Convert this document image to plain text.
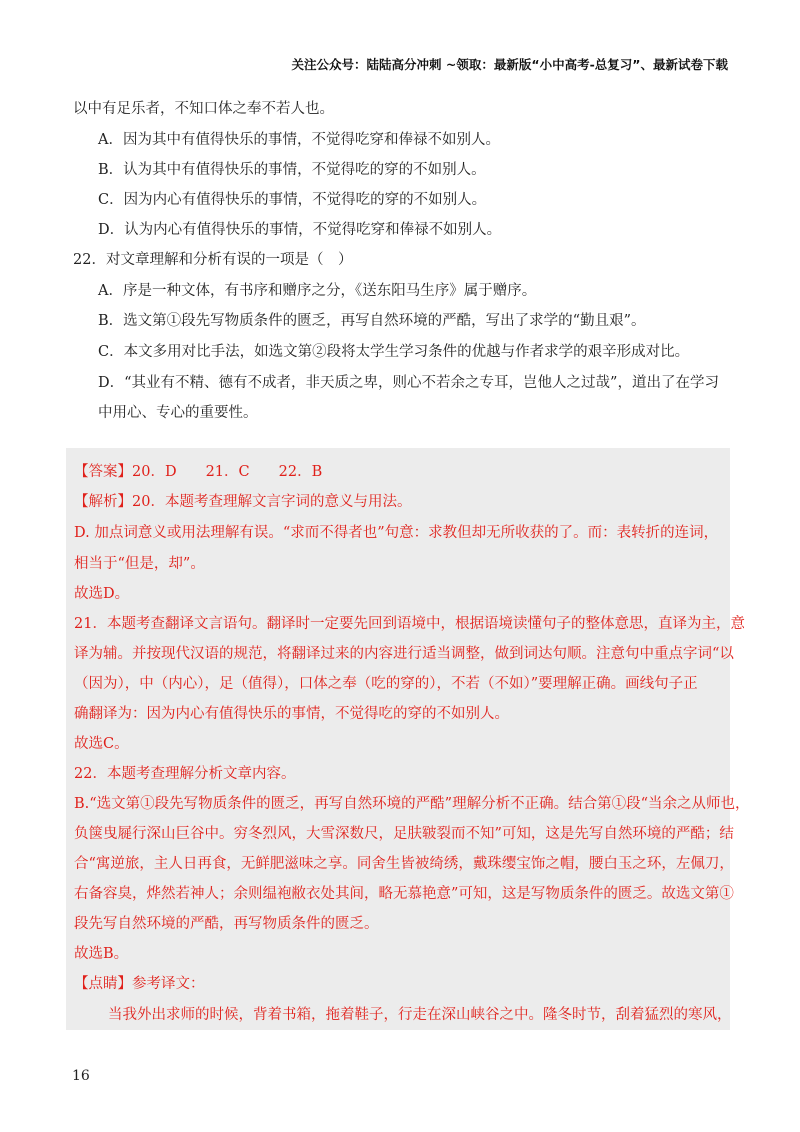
关注公众号：陆陆高分冲刺 ~领取：最新版“小中高考-总复习”、最新试卷下载
以中有足乐者，不知口体之奉不若人也。
A．因为其中有值得快乐的事情，不觉得吃穿和俸禄不如别人。
B．认为其中有值得快乐的事情，不觉得吃的穿的不如别人。
C．因为内心有值得快乐的事情，不觉得吃的穿的不如别人。
D．认为内心有值得快乐的事情，不觉得吃穿和俸禄不如别人。
22．对文章理解和分析有误的一项是（　）
A．序是一种文体，有书序和赠序之分，《送东阳马生序》属于赠序。
B．选文第①段先写物质条件的匮乏，再写自然环境的严酷，写出了求学的“勤且艰”。
C．本文多用对比手法，如选文第②段将太学生学习条件的优越与作者求学的艰辛形成对比。
D．“其业有不精、德有不成者，非天质之卑，则心不若余之专耳，岂他人之过哉”，道出了在学习
中用心、专心的重要性。
【答案】20．D　　21．C　　22．B
【解析】20．本题考查理解文言字词的意义与用法。
D. 加点词意义或用法理解有误。“求而不得者也”句意：求教但却无所收获的了。而：表转折的连词，
相当于“但是，却”。
故选D。
21．本题考查翻译文言语句。翻译时一定要先回到语境中，根据语境读懂句子的整体意思，直译为主，意
译为辅。并按现代汉语的规范，将翻译过来的内容进行适当调整，做到词达句顺。注意句中重点字词“以
（因为），中（内心），足（值得），口体之奉（吃的穿的），不若（不如）”要理解正确。画线句子正
确翻译为：因为内心有值得快乐的事情，不觉得吃的穿的不如别人。
故选C。
22．本题考查理解分析文章内容。
B.“选文第①段先写物质条件的匮乏，再写自然环境的严酷”理解分析不正确。结合第①段“当余之从师也，
负箧曳屣行深山巨谷中。穷冬烈风，大雪深数尺，足肤皲裂而不知”可知，这是先写自然环境的严酷；结
合“寓逆旅，主人日再食，无鲜肥滋味之享。同舍生皆被绮绣，戴珠缨宝饰之帽，腰白玉之环，左佩刀，
右备容臭，烨然若神人；余则缊袍敝衣处其间，略无慕艳意”可知，这是写物质条件的匮乏。故选文第①
段先写自然环境的严酷，再写物质条件的匮乏。
故选B。
【点睛】参考译文：
当我外出求师的时候，背着书箱，拖着鞋子，行走在深山峡谷之中。隆冬时节，刮着猛烈的寒风，
16
